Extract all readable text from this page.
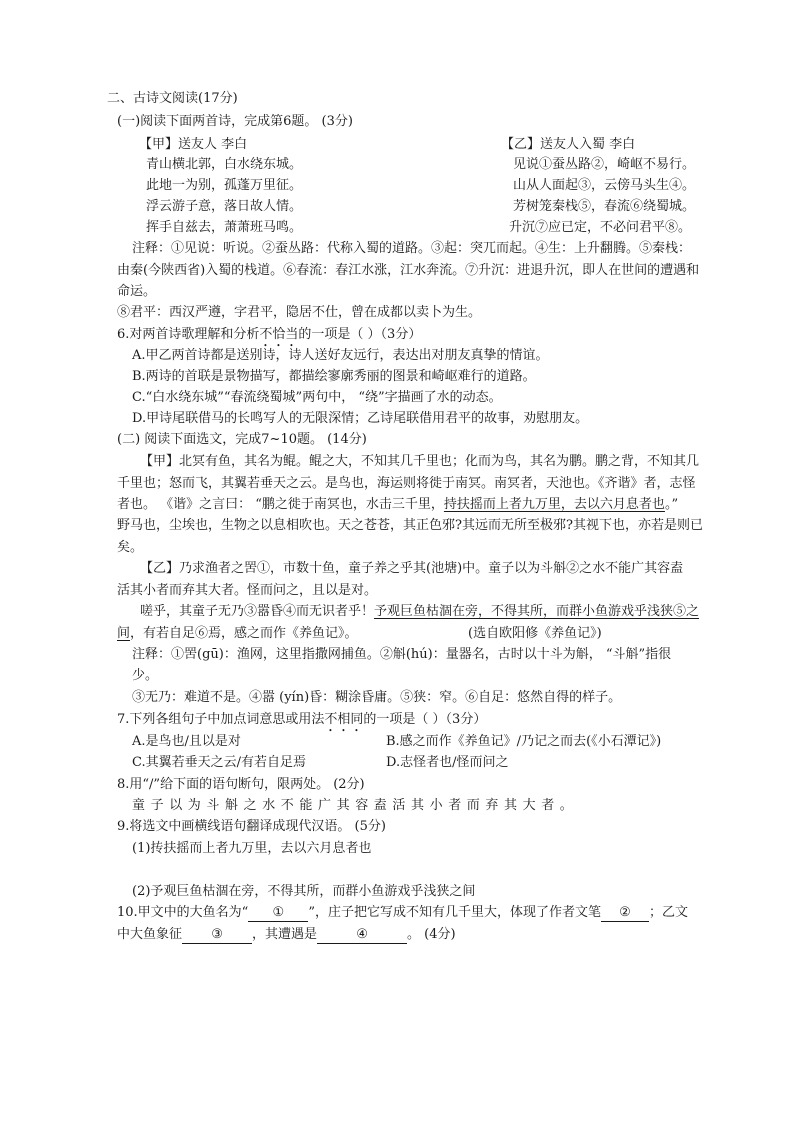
二、古诗文阅读(17分)
(一)阅读下面两首诗，完成第6题。 (3分)
【甲】送友人 李白
青山横北郭，白水绕东城。
此地一为别，孤蓬万里征。
浮云游子意，落日故人情。
挥手自兹去，萧萧班马鸣。
【乙】送友人入蜀 李白
见说①蚕丛路②，崎岖不易行。
山从人面起③，云傍马头生④。
芳树笼秦栈⑤，春流⑥绕蜀城。
升沉⑦应已定，不必问君平⑧。
注释：①见说：听说。②蚕丛路：代称入蜀的道路。③起：突兀而起。④生：上升翻腾。⑤秦栈：
由秦(今陕西省)入蜀的栈道。⑥春流：春江水涨，江水奔流。⑦升沉：进退升沉，即人在世间的遭遇和
命运。
⑧君平：西汉严遵，字君平，隐居不仕，曾在成都以卖卜为生。
6.对两首诗歌理解和分析不恰当的一项是（ ）（3分）
A.甲乙两首诗都是送别诗，诗人送好友远行，表达出对朋友真挚的情谊。
B.两诗的首联是景物描写，都描绘寥廓秀丽的图景和崎岖难行的道路。
C.“白水绕东城”“春流绕蜀城”两句中， “绕”字描画了水的动态。
D.甲诗尾联借马的长鸣写人的无限深情；乙诗尾联借用君平的故事，劝慰朋友。
(二) 阅读下面选文，完成7~10题。 (14分)
【甲】北冥有鱼，其名为鲲。鲲之大，不知其几千里也；化而为鸟，其名为鹏。鹏之背，不知其几
千里也；怒而飞，其翼若垂天之云。是鸟也，海运则将徙于南冥。南冥者，天池也。《齐谐》者，志怪
者也。 《谐》之言曰： “鹏之徙于南冥也，水击三千里，持扶摇而上者九万里，去以六月息者也。”
野马也，尘埃也，生物之以息相吹也。天之苍苍，其正色邪?其远而无所至极邪?其视下也，亦若是则已
矣。
【乙】乃求渔者之罟①，市数十鱼，童子养之乎其(池塘)中。童子以为斗斛②之水不能广其容盍
活其小者而弃其大者。怪而问之，且以是对。
嗟乎，其童子无乃③嚣昏④而无识者乎！予观巨鱼枯涸在旁，不得其所，而群小鱼游戏乎浅狭⑤之
间，有若自足⑥焉，感之而作《养鱼记》。	(选自欧阳修《养鱼记》)
注释：①罟(gū)：渔网，这里指撒网捕鱼。②斛(hú)：量器名，古时以十斗为斛， “斗斛”指很
少。
③无乃：难道不是。④嚣 (yín)昏：糊涂昏庸。⑤狭：窄。⑥自足：悠然自得的样子。
7.下列各组句子中加点词意思或用法不相同的一项是（ ）（3分）
A.是鸟也/且以是对	B.感之而作《养鱼记》/乃记之而去(《小石潭记》)
C.其翼若垂天之云/有若自足焉	D.志怪者也/怪而问之
8.用“/”给下面的语句断句，限两处。 (2分)
童子以为斗斛之水不能广其容盍活其小者而弃其大者。
9.将选文中画横线语句翻译成现代汉语。 (5分)
(1)抟扶摇而上者九万里，去以六月息者也
(2)予观巨鱼枯涸在旁，不得其所，而群小鱼游戏乎浅狭之间
10.甲文中的大鱼名为“ ① ”，庄子把它写成不知有几千里大，体现了作者文笔 ② ；乙文
中大鱼象征 ③ ，其遭遇是	④	。 (4分)
